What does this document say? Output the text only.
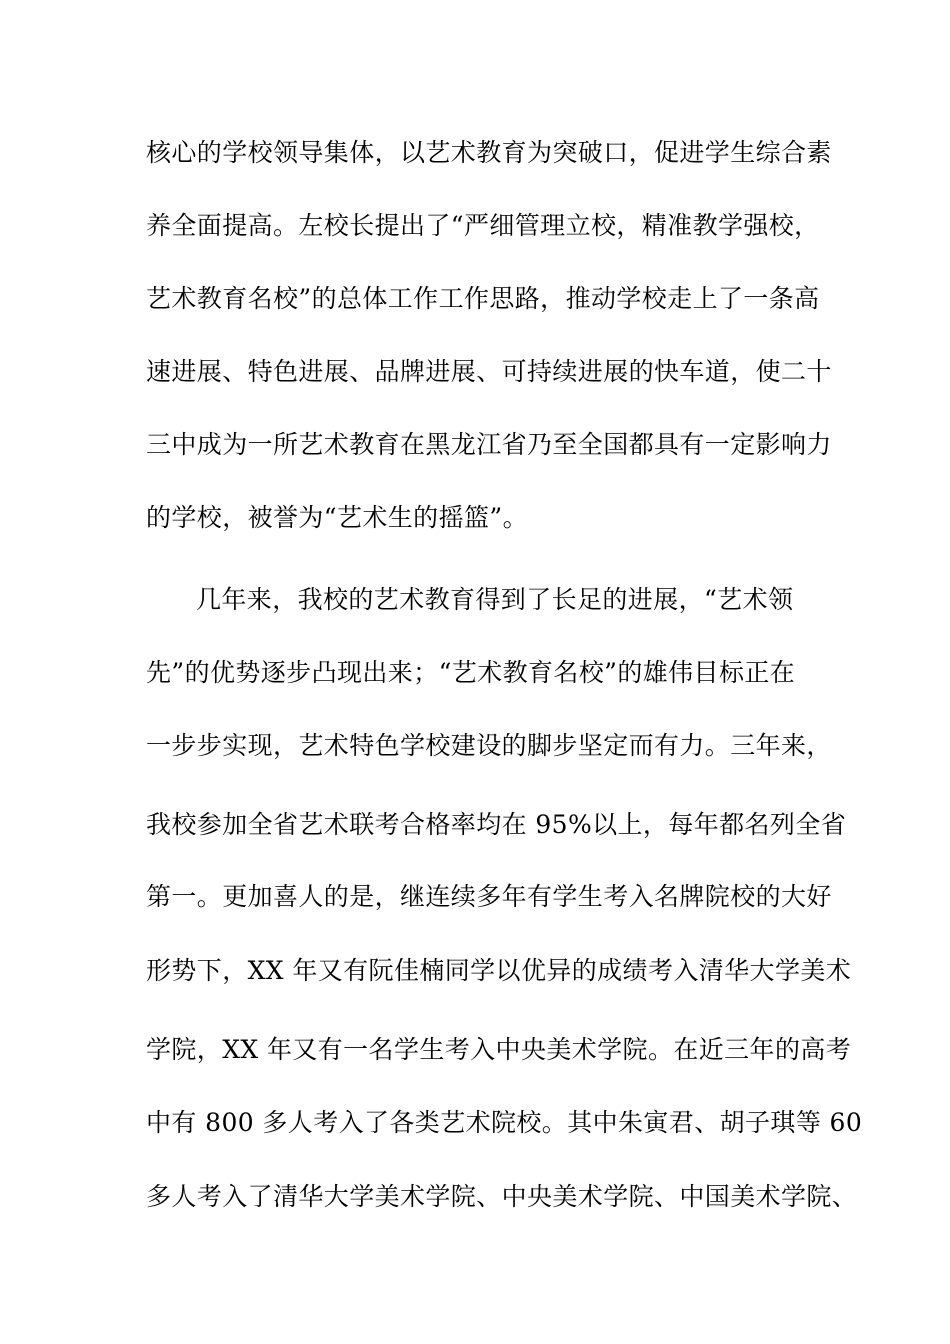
核心的学校领导集体，以艺术教育为突破口，促进学生综合素
养全面提高。左校长提出了“严细管理立校，精准教学强校，
艺术教育名校”的总体工作工作思路，推动学校走上了一条高
速进展、特色进展、品牌进展、可持续进展的快车道，使二十
三中成为一所艺术教育在黑龙江省乃至全国都具有一定影响力
的学校，被誉为“艺术生的摇篮”。
几年来，我校的艺术教育得到了长足的进展，“艺术领
先”的优势逐步凸现出来；“艺术教育名校”的雄伟目标正在
一步步实现，艺术特色学校建设的脚步坚定而有力。三年来，
我校参加全省艺术联考合格率均在 95%以上，每年都名列全省
第一。更加喜人的是，继连续多年有学生考入名牌院校的大好
形势下，XX 年又有阮佳楠同学以优异的成绩考入清华大学美术
学院，XX 年又有一名学生考入中央美术学院。在近三年的高考
中有 800 多人考入了各类艺术院校。其中朱寅君、胡子琪等 60
多人考入了清华大学美术学院、中央美术学院、中国美术学院、
